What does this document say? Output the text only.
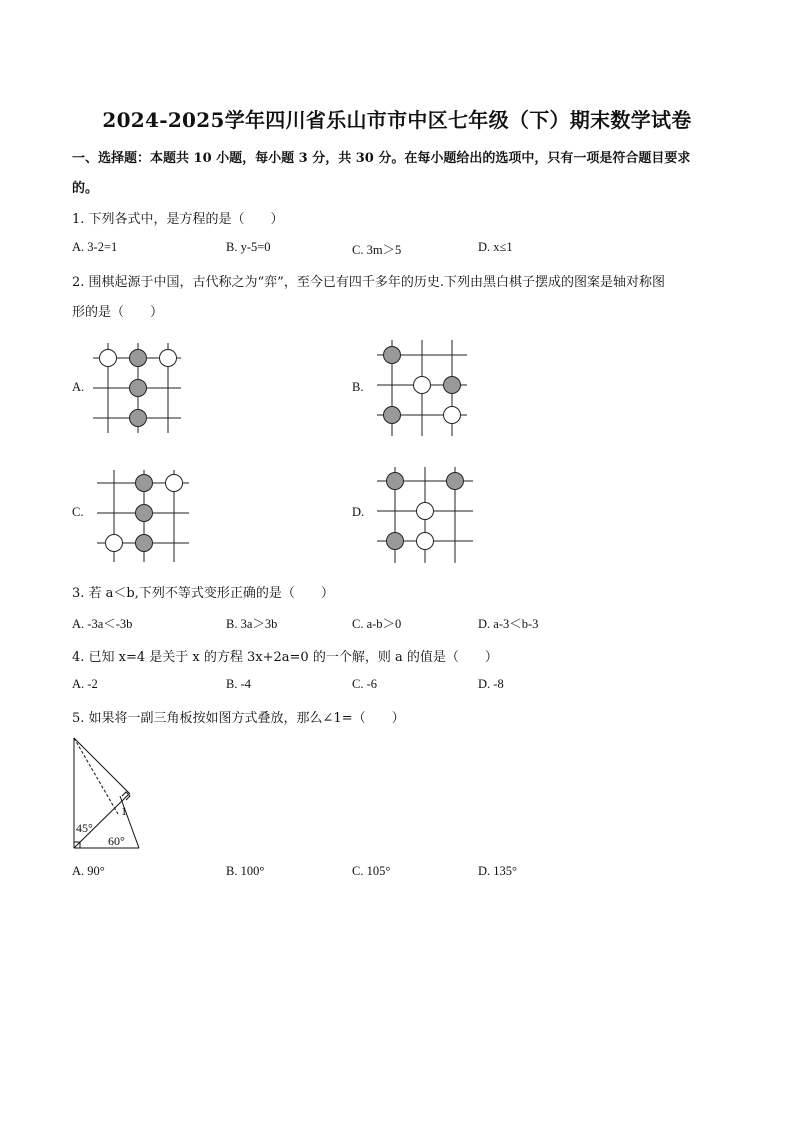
2024-2025学年四川省乐山市市中区七年级（下）期末数学试卷
一、选择题：本题共 10 小题，每小题 3 分，共 30 分。在每小题给出的选项中，只有一项是符合题目要求
的。
1. 下列各式中，是方程的是（　　）
A. 3-2=1	B. y-5=0	C. 3m＞5	D. x≤1
2. 围棋起源于中国，古代称之为“弈”，至今已有四千多年的历史.下列由黑白棋子摆成的图案是轴对称图
形的是（　　）
A.	B.
C.	D.
3. 若 a＜b,下列不等式变形正确的是（　　）
A. -3a＜-3b	B. 3a＞3b	C. a-b＞0	D. a-3＜b-3
4. 已知 x=4 是关于 x 的方程 3x+2a=0 的一个解，则 a 的值是（　　）
A. -2	B. -4	C. -6	D. -8
5. 如果将一副三角板按如图方式叠放，那么∠1=（　　）
1
45°
60°
A. 90°	B. 100°	C. 105°	D. 135°
